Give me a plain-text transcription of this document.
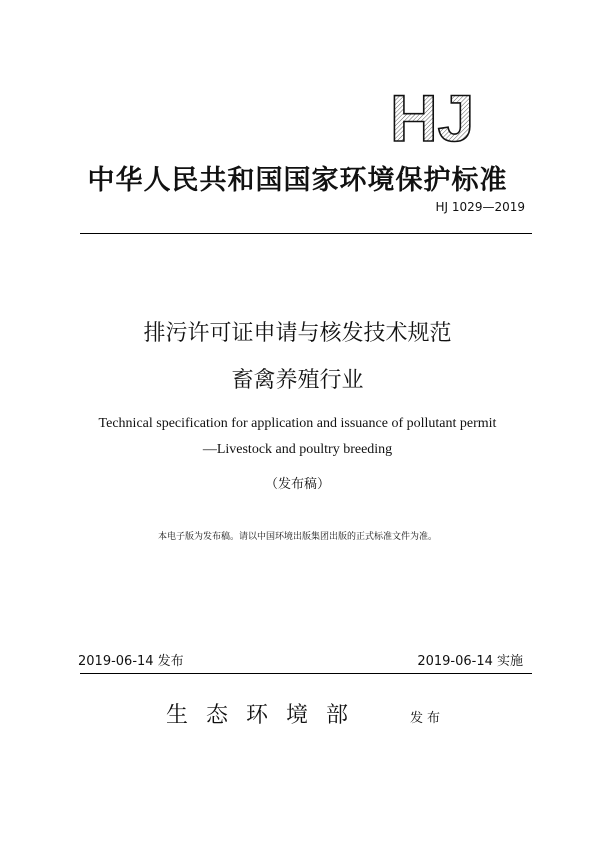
HJ
中华人民共和国国家环境保护标准
HJ 1029—2019
排污许可证申请与核发技术规范
畜禽养殖行业
Technical specification for application and issuance of pollutant permit
—Livestock and poultry breeding
（发布稿）
本电子版为发布稿。请以中国环境出版集团出版的正式标准文件为准。
2019-06-14 发布	2019-06-14 实施
生态环境部	发布
